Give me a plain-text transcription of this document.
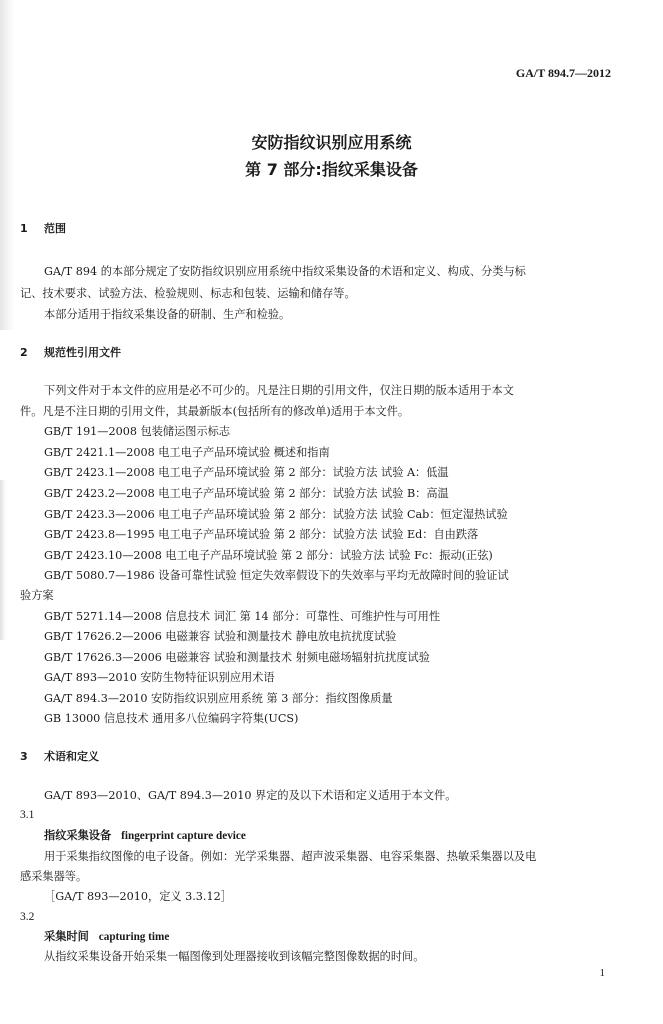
GA/T 894.7—2012
安防指纹识别应用系统
第 7 部分:指纹采集设备
1 范围
GA/T 894 的本部分规定了安防指纹识别应用系统中指纹采集设备的术语和定义、构成、分类与标
记、技术要求、试验方法、检验规则、标志和包装、运输和储存等。
本部分适用于指纹采集设备的研制、生产和检验。
2 规范性引用文件
下列文件对于本文件的应用是必不可少的。凡是注日期的引用文件，仅注日期的版本适用于本文
件。凡是不注日期的引用文件，其最新版本(包括所有的修改单)适用于本文件。
GB/T 191—2008 包装储运图示标志
GB/T 2421.1—2008 电工电子产品环境试验 概述和指南
GB/T 2423.1—2008 电工电子产品环境试验 第 2 部分：试验方法 试验 A：低温
GB/T 2423.2—2008 电工电子产品环境试验 第 2 部分：试验方法 试验 B：高温
GB/T 2423.3—2006 电工电子产品环境试验 第 2 部分：试验方法 试验 Cab：恒定湿热试验
GB/T 2423.8—1995 电工电子产品环境试验 第 2 部分：试验方法 试验 Ed：自由跌落
GB/T 2423.10—2008 电工电子产品环境试验 第 2 部分：试验方法 试验 Fc：振动(正弦)
GB/T 5080.7—1986 设备可靠性试验 恒定失效率假设下的失效率与平均无故障时间的验证试
验方案
GB/T 5271.14—2008 信息技术 词汇 第 14 部分：可靠性、可维护性与可用性
GB/T 17626.2—2006 电磁兼容 试验和测量技术 静电放电抗扰度试验
GB/T 17626.3—2006 电磁兼容 试验和测量技术 射频电磁场辐射抗扰度试验
GA/T 893—2010 安防生物特征识别应用术语
GA/T 894.3—2010 安防指纹识别应用系统 第 3 部分：指纹图像质量
GB 13000 信息技术 通用多八位编码字符集(UCS)
3 术语和定义
GA/T 893—2010、GA/T 894.3—2010 界定的及以下术语和定义适用于本文件。
3.1
指纹采集设备 fingerprint capture device
用于采集指纹图像的电子设备。例如：光学采集器、超声波采集器、电容采集器、热敏采集器以及电
感采集器等。
［GA/T 893—2010，定义 3.3.12］
3.2
采集时间 capturing time
从指纹采集设备开始采集一幅图像到处理器接收到该幅完整图像数据的时间。
1
